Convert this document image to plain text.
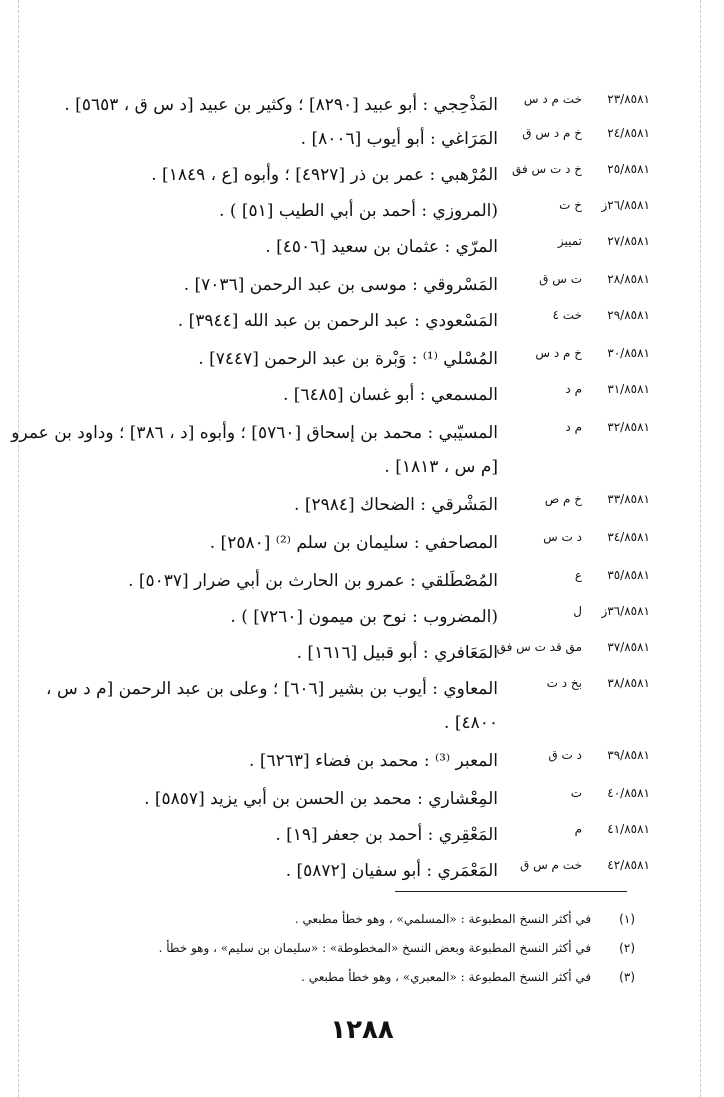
٢٣/٨٥٨١
خت م د س
المَذْحِجي : أبو عبيد [٨٢٩٠] ؛ وكثير بن عبيد [د س ق ، ٥٦٥٣] .
٢٤/٨٥٨١
خ م د س ق
المَرَاغي : أبو أيوب [٨٠٠٦] .
٢٥/٨٥٨١
خ د ت س فق
المُرْهبي : عمر بن ذر [٤٩٢٧] ؛ وأبوه [ع ، ١٨٤٩] .
٢٦/٨٥٨١ز
خ ت
(المروزي : أحمد بن أبي الطيب [٥١] ) .
٢٧/٨٥٨١
تمييز
المرّي : عثمان بن سعيد [٤٥٠٦] .
٢٨/٨٥٨١
ت س ق
المَسْروقي : موسى بن عبد الرحمن [٧٠٣٦] .
٢٩/٨٥٨١
خت ٤
المَسْعودي : عبد الرحمن بن عبد الله [٣٩٤٤] .
٣٠/٨٥٨١
خ م د س
المُسْلي ⁽¹⁾ : وَبْرة بن عبد الرحمن [٧٤٤٧] .
٣١/٨٥٨١
م د
المسمعي : أبو غسان [٦٤٨٥] .
٣٢/٨٥٨١
م د
المسيّبي : محمد بن إسحاق [٥٧٦٠] ؛ وأبوه [د ، ٣٨٦] ؛ وداود بن عمرو [م س ، ١٨١٣] .
٣٣/٨٥٨١
خ م ص
المَشْرقي : الضحاك [٢٩٨٤] .
٣٤/٨٥٨١
د ت س
المصاحفي : سليمان بن سلم ⁽²⁾ [٢٥٨٠] .
٣٥/٨٥٨١
ع
المُصْطَلقي : عمرو بن الحارث بن أبي ضرار [٥٠٣٧] .
٣٦/٨٥٨١ز
ل
(المضروب : نوح بن ميمون [٧٢٦٠] ) .
٣٧/٨٥٨١
مق قد ت س فق
المَعَافري : أبو قبيل [١٦١٦] .
٣٨/٨٥٨١
بخ د ت
المعاوي : أيوب بن بشير [٦٠٦] ؛ وعلى بن عبد الرحمن [م د س ، ٤٨٠٠] .
٣٩/٨٥٨١
د ت ق
المعبر ⁽³⁾ : محمد بن فضاء [٦٢٦٣] .
٤٠/٨٥٨١
ت
المِعْشاري : محمد بن الحسن بن أبي يزيد [٥٨٥٧] .
٤١/٨٥٨١
م
المَعْقِري : أحمد بن جعفر [١٩] .
٤٢/٨٥٨١
خت م س ق
المَعْمَري : أبو سفيان [٥٨٧٢] .
(١) في أكثر النسخ المطبوعة : «المسلمي» ، وهو خطأ مطبعي .
(٢) في أكثر النسخ المطبوعة وبعض النسخ «المخطوطة» : «سليمان بن سليم» ، وهو خطأ .
(٣) في أكثر النسخ المطبوعة : «المعبري» ، وهو خطأ مطبعي .
١٢٨٨
